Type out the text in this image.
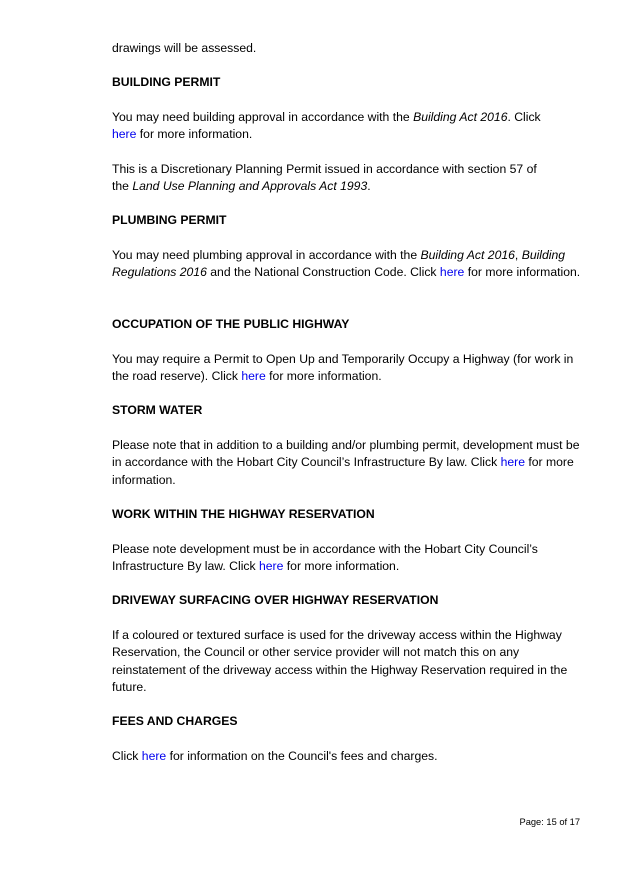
drawings will be assessed.

BUILDING PERMIT

You may need building approval in accordance with the Building Act 2016. Click
here for more information.

This is a Discretionary Planning Permit issued in accordance with section 57 of the Land Use Planning and Approvals Act 1993.

PLUMBING PERMIT

You may need plumbing approval in accordance with the Building Act 2016, Building Regulations 2016 and the National Construction Code. Click here for more information.

OCCUPATION OF THE PUBLIC HIGHWAY

You may require a Permit to Open Up and Temporarily Occupy a Highway (for work in the road reserve). Click here for more information.

STORM WATER

Please note that in addition to a building and/or plumbing permit, development must be in accordance with the Hobart City Council’s Infrastructure By law. Click here for more information.

WORK WITHIN THE HIGHWAY RESERVATION

Please note development must be in accordance with the Hobart City Council’s Infrastructure By law. Click here for more information.

DRIVEWAY SURFACING OVER HIGHWAY RESERVATION

If a coloured or textured surface is used for the driveway access within the Highway Reservation, the Council or other service provider will not match this on any reinstatement of the driveway access within the Highway Reservation required in the future.

FEES AND CHARGES

Click here for information on the Council's fees and charges.

Page: 15 of 17
